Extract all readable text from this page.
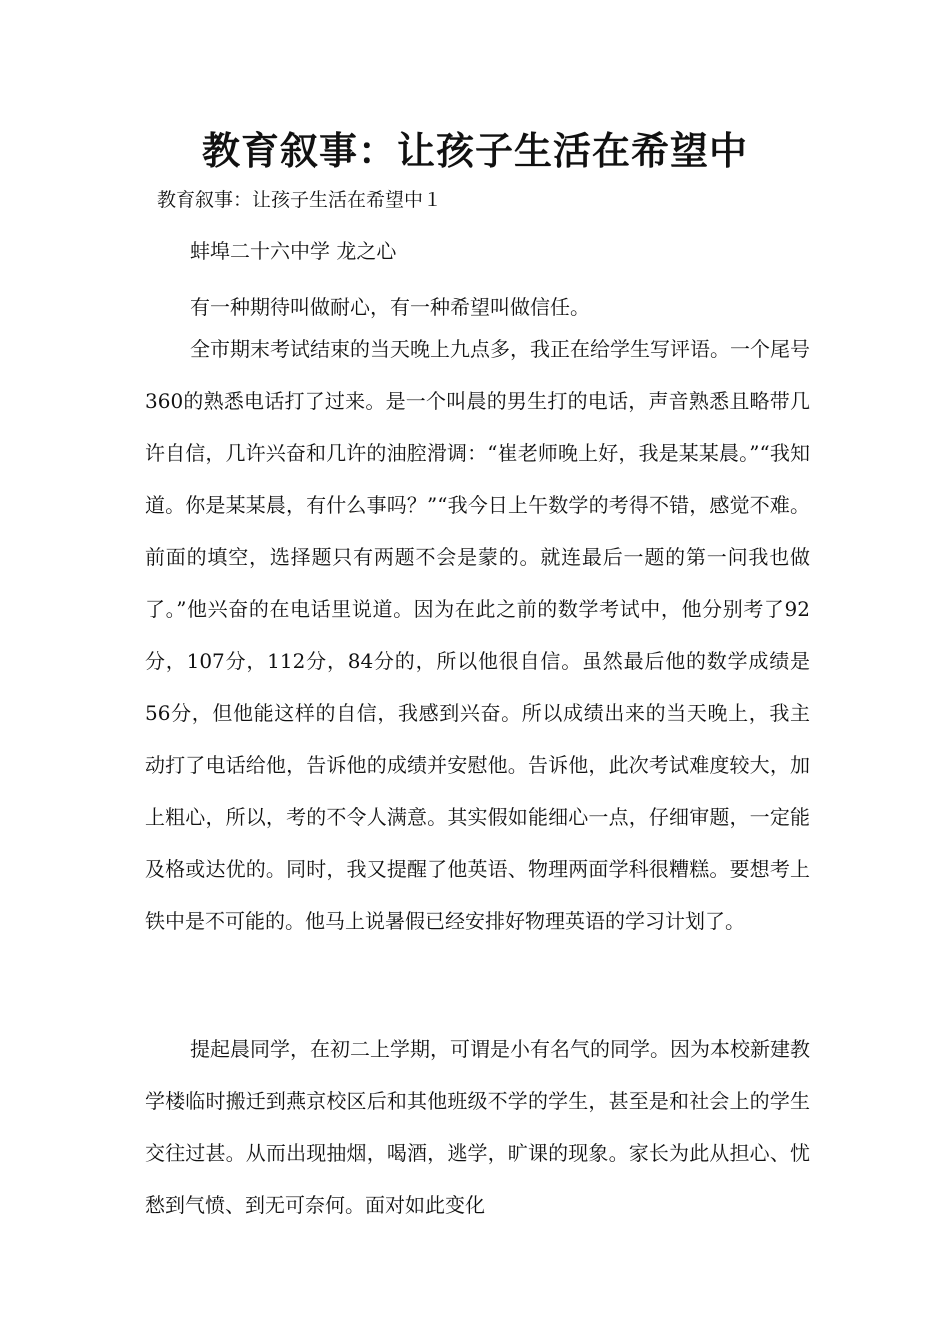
教育叙事：让孩子生活在希望中

教育叙事：让孩子生活在希望中１

蚌埠二十六中学 龙之心

有一种期待叫做耐心，有一种希望叫做信任。

全市期末考试结束的当天晚上九点多，我正在给学生写评语。一个尾号360的熟悉电话打了过来。是一个叫晨的男生打的电话，声音熟悉且略带几许自信，几许兴奋和几许的油腔滑调：“崔老师晚上好，我是某某晨。”“我知道。你是某某晨，有什么事吗？”“我今日上午数学的考得不错，感觉不难。前面的填空，选择题只有两题不会是蒙的。就连最后一题的第一问我也做了。”他兴奋的在电话里说道。因为在此之前的数学考试中，他分别考了92分，107分，112分，84分的，所以他很自信。虽然最后他的数学成绩是56分，但他能这样的自信，我感到兴奋。所以成绩出来的当天晚上，我主动打了电话给他，告诉他的成绩并安慰他。告诉他，此次考试难度较大，加上粗心，所以，考的不令人满意。其实假如能细心一点，仔细审题，一定能及格或达优的。同时，我又提醒了他英语、物理两面学科很糟糕。要想考上铁中是不可能的。他马上说暑假已经安排好物理英语的学习计划了。

提起晨同学，在初二上学期，可谓是小有名气的同学。因为本校新建教学楼临时搬迁到燕京校区后和其他班级不学的学生，甚至是和社会上的学生交往过甚。从而出现抽烟，喝酒，逃学，旷课的现象。家长为此从担心、忧愁到气愤、到无可奈何。面对如此变化
